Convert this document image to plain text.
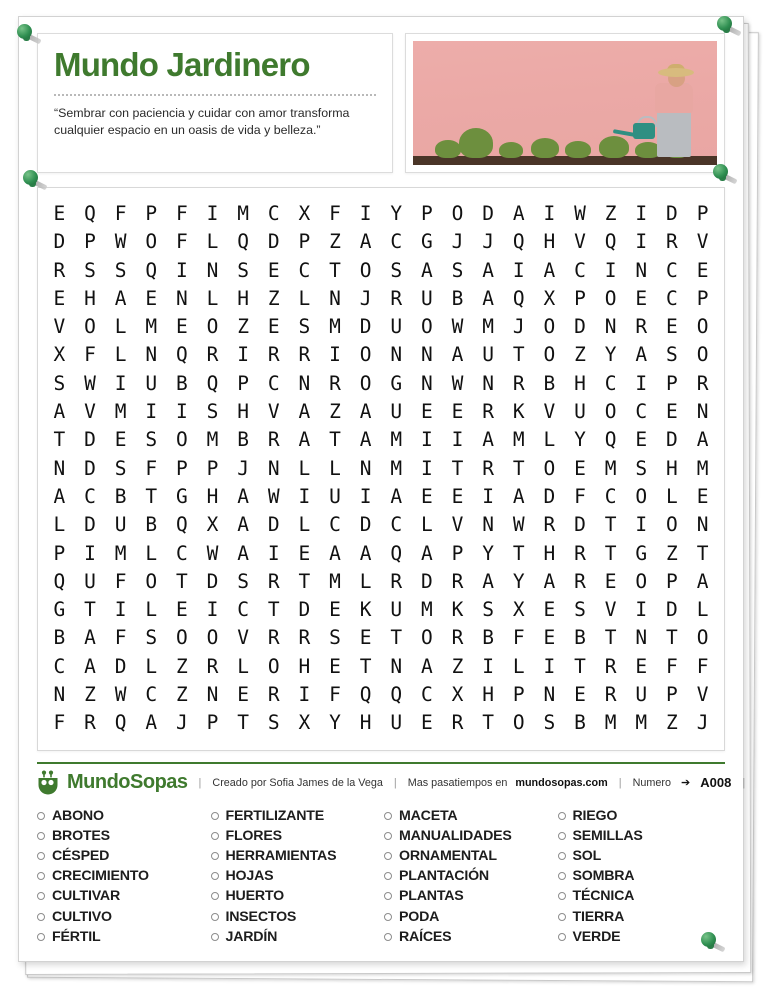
Mundo Jardinero
“Sembrar con paciencia y cuidar con amor transforma cualquier espacio en un oasis de vida y belleza.”
E	Q	F	P	F	I	M	C	X	F	I	Y	P	O	D	A	I	W	Z	I	D	P
D	P	W	O	F	L	Q	D	P	Z	A	C	G	J	J	Q	H	V	Q	I	R	V
R	S	S	Q	I	N	S	E	C	T	O	S	A	S	A	I	A	C	I	N	C	E
E	H	A	E	N	L	H	Z	L	N	J	R	U	B	A	Q	X	P	O	E	C	P
V	O	L	M	E	O	Z	E	S	M	D	U	O	W	M	J	O	D	N	R	E	O
X	F	L	N	Q	R	I	R	R	I	O	N	N	A	U	T	O	Z	Y	A	S	O
S	W	I	U	B	Q	P	C	N	R	O	G	N	W	N	R	B	H	C	I	P	R
A	V	M	I	I	S	H	V	A	Z	A	U	E	E	R	K	V	U	O	C	E	N
T	D	E	S	O	M	B	R	A	T	A	M	I	I	A	M	L	Y	Q	E	D	A
N	D	S	F	P	P	J	N	L	L	N	M	I	T	R	T	O	E	M	S	H	M
A	C	B	T	G	H	A	W	I	U	I	A	E	E	I	A	D	F	C	O	L	E
L	D	U	B	Q	X	A	D	L	C	D	C	L	V	N	W	R	D	T	I	O	N
P	I	M	L	C	W	A	I	E	A	A	Q	A	P	Y	T	H	R	T	G	Z	T
Q	U	F	O	T	D	S	R	T	M	L	R	D	R	A	Y	A	R	E	O	P	A
G	T	I	L	E	I	C	T	D	E	K	U	M	K	S	X	E	S	V	I	D	L
B	A	F	S	O	O	V	R	R	S	E	T	O	R	B	F	E	B	T	N	T	O
C	A	D	L	Z	R	L	O	H	E	T	N	A	Z	I	L	I	T	R	E	F	F
N	Z	W	C	Z	N	E	R	I	F	Q	Q	C	X	H	P	N	E	R	U	P	V
F	R	Q	A	J	P	T	S	X	Y	H	U	E	R	T	O	S	B	M	M	Z	J
MundoSopas | Creado por Sofia James de la Vega | Mas pasatiempos en mundosopas.com | Numero ➔ A008 |
ABONO
BROTES
CÉSPED
CRECIMIENTO
CULTIVAR
CULTIVO
FÉRTIL
FERTILIZANTE
FLORES
HERRAMIENTAS
HOJAS
HUERTO
INSECTOS
JARDÍN
MACETA
MANUALIDADES
ORNAMENTAL
PLANTACIÓN
PLANTAS
PODA
RAÍCES
RIEGO
SEMILLAS
SOL
SOMBRA
TÉCNICA
TIERRA
VERDE
